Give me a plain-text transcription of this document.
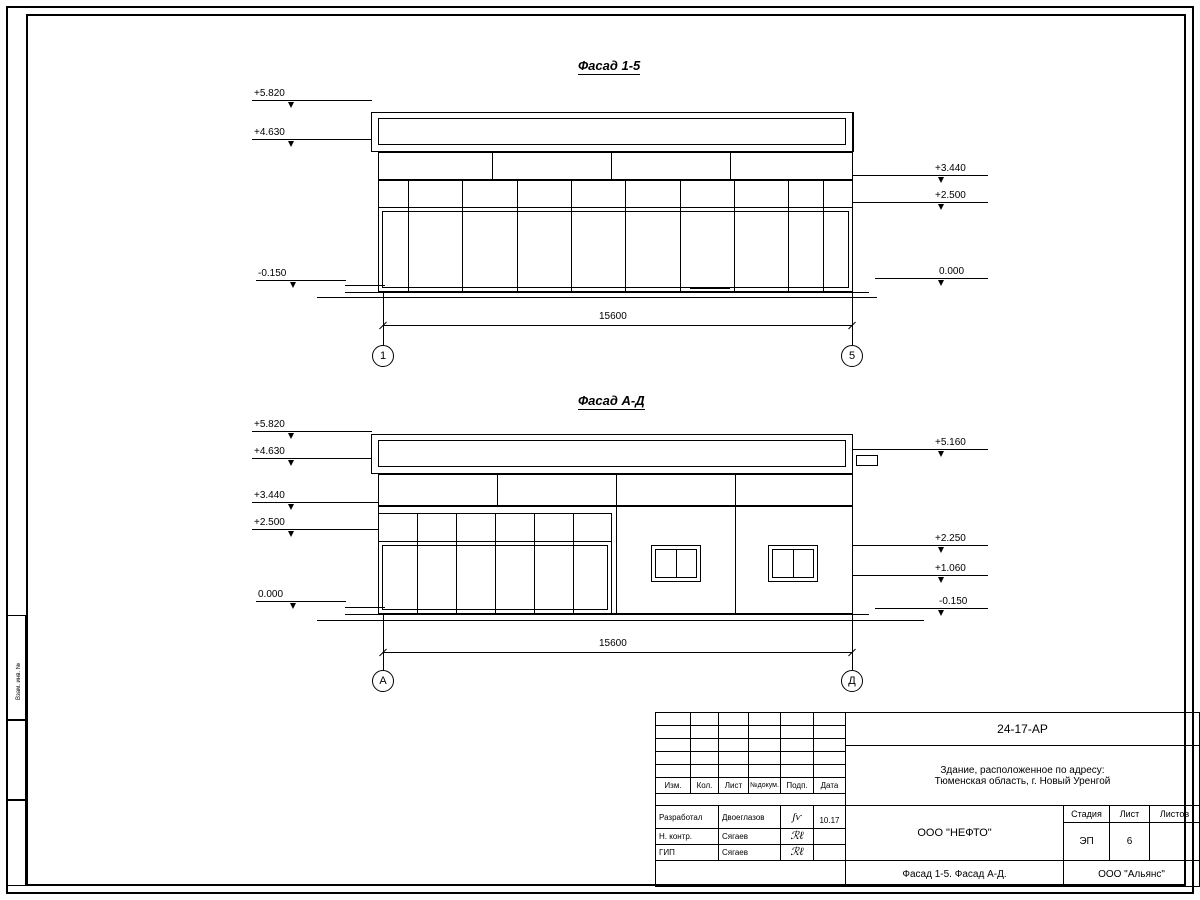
Взам. инв. №
Фасад 1-5
+5.820
+4.630
-0.150
+3.440
+2.500
0.000
15600
1	5
Фасад А-Д
+5.820
+4.630
+3.440
+2.500
0.000
+5.160
+2.250
+1.060
-0.150
15600
А	Д
Изм.	Кол.	Лист	№докум. Подп.	Дата
Разработал	Двоеглазов	ʃѵ	10.17
Н. контр.	Сягаев	ℛℓ
ГИП	Сягаев	ℛℓ
24-17-АР
Здание, расположенное по адресу:
Тюменская область, г. Новый Уренгой
ООО "НЕФТО"
Стадия	Лист	Листов
ЭП	6
Фасад 1-5. Фасад А-Д.	ООО "Альянс"
